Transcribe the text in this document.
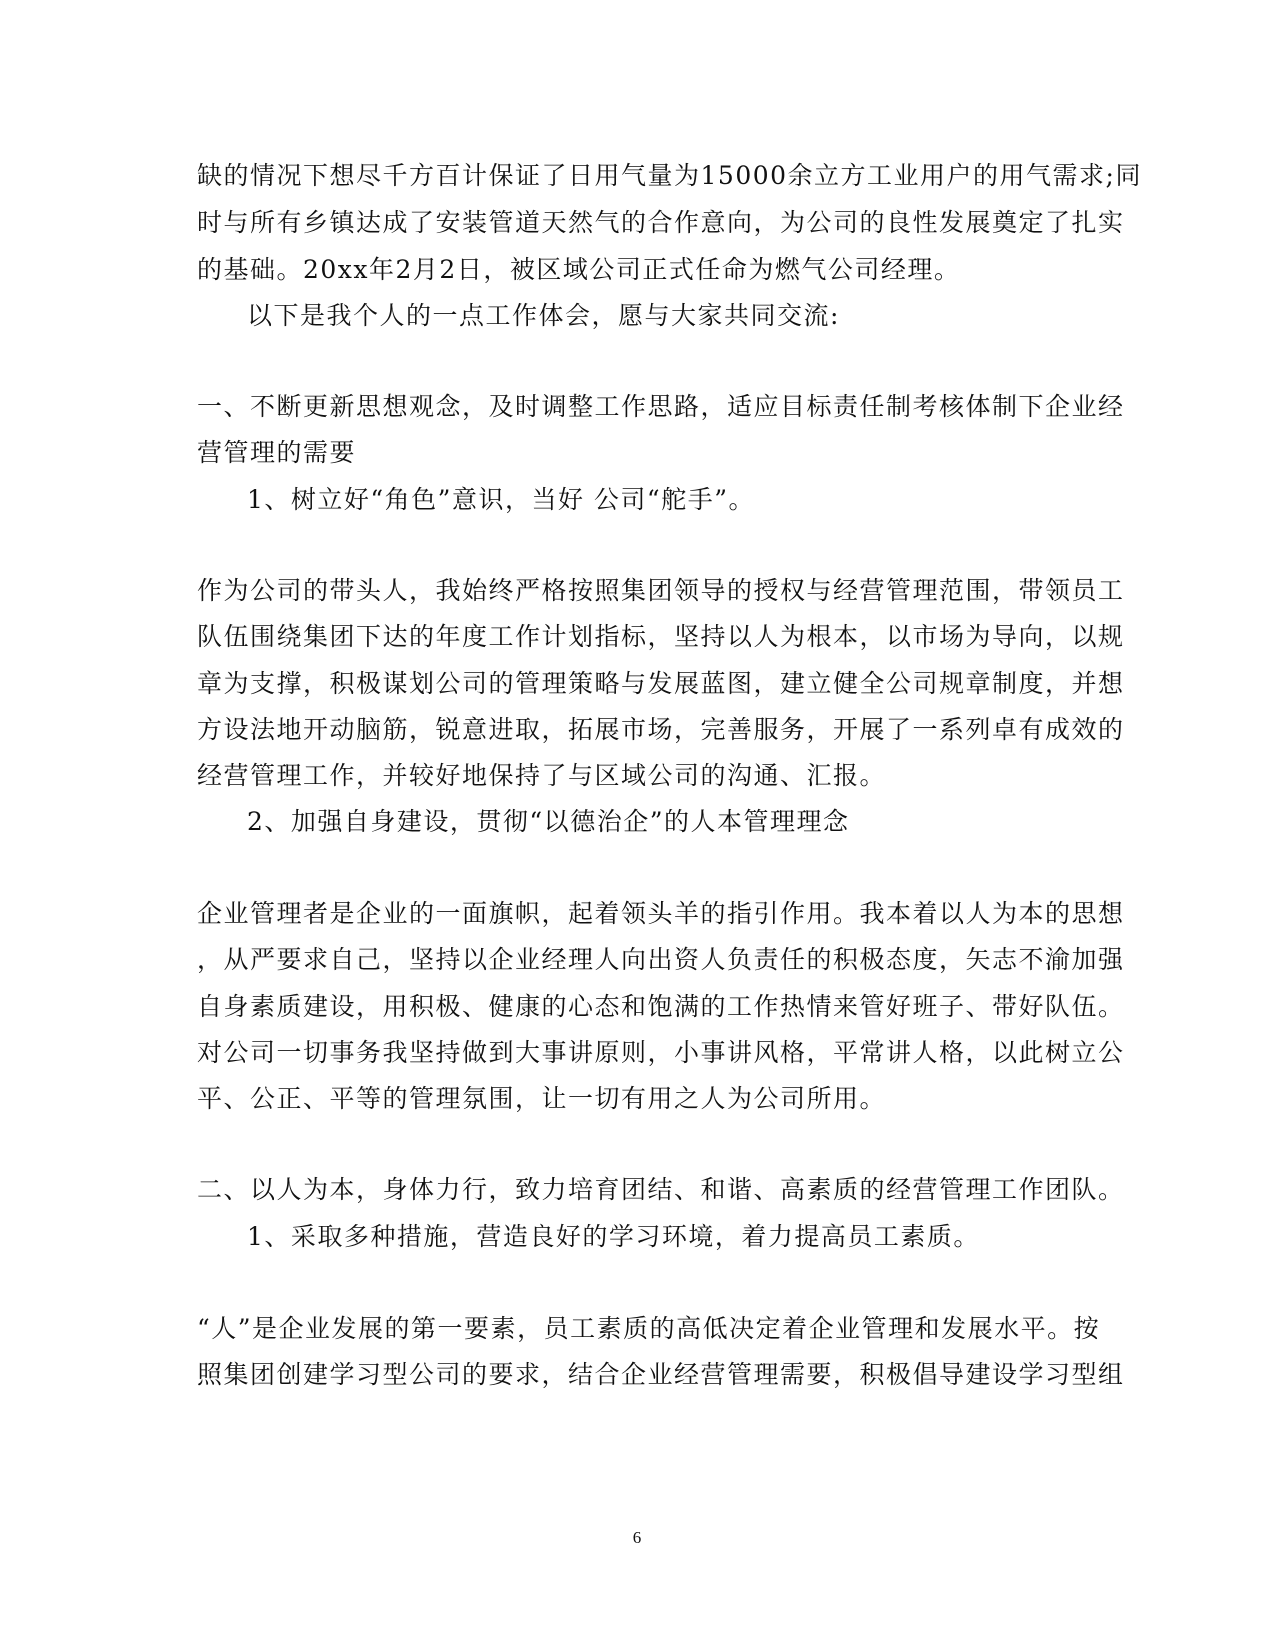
缺的情况下想尽千方百计保证了日用气量为15000余立方工业用户的用气需求;同
时与所有乡镇达成了安装管道天然气的合作意向，为公司的良性发展奠定了扎实
的基础。20xx年2月2日，被区域公司正式任命为燃气公司经理。
以下是我个人的一点工作体会，愿与大家共同交流:
一、不断更新思想观念，及时调整工作思路，适应目标责任制考核体制下企业经
营管理的需要
1、树立好“角色”意识，当好 公司“舵手”。
作为公司的带头人，我始终严格按照集团领导的授权与经营管理范围，带领员工
队伍围绕集团下达的年度工作计划指标，坚持以人为根本，以市场为导向，以规
章为支撑，积极谋划公司的管理策略与发展蓝图，建立健全公司规章制度，并想
方设法地开动脑筋，锐意进取，拓展市场，完善服务，开展了一系列卓有成效的
经营管理工作，并较好地保持了与区域公司的沟通、汇报。
2、加强自身建设，贯彻“以德治企”的人本管理理念
企业管理者是企业的一面旗帜，起着领头羊的指引作用。我本着以人为本的思想
，从严要求自己，坚持以企业经理人向出资人负责任的积极态度，矢志不渝加强
自身素质建设，用积极、健康的心态和饱满的工作热情来管好班子、带好队伍。
对公司一切事务我坚持做到大事讲原则，小事讲风格，平常讲人格，以此树立公
平、公正、平等的管理氛围，让一切有用之人为公司所用。
二、以人为本，身体力行，致力培育团结、和谐、高素质的经营管理工作团队。
1、采取多种措施，营造良好的学习环境，着力提高员工素质。
“人”是企业发展的第一要素，员工素质的高低决定着企业管理和发展水平。按
照集团创建学习型公司的要求，结合企业经营管理需要，积极倡导建设学习型组
6
